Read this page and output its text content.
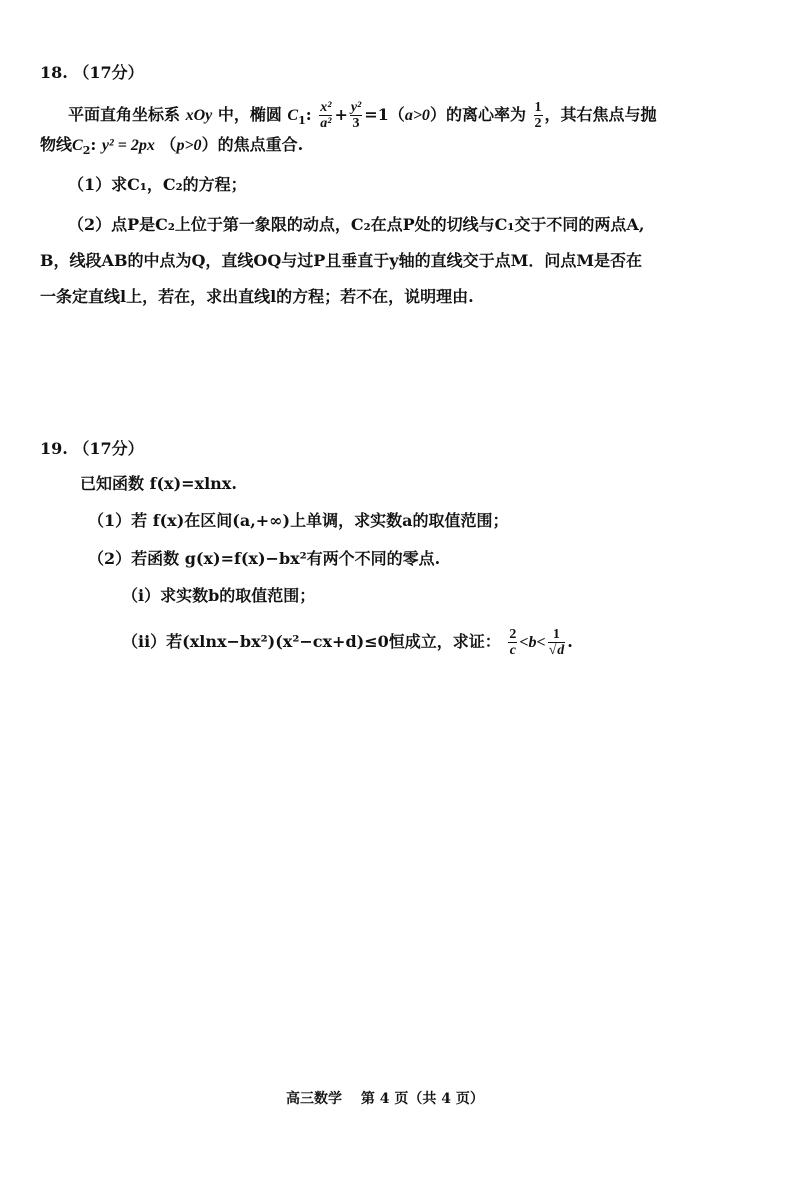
18. （17分）
平面直角坐标系 xOy 中，椭圆 $C_1$: $\frac{\text{x²}}{\text{a²}} + \frac{\text{y²}}{3} =1(a>0)$的离心率为 $\frac{1}{2}$ ，其右焦点与抛
物线$C_2$: y² = 2px （p>0）的焦点重合.
（1）求C₁，C₂的方程；
（2）点P是C₂上位于第一象限的动点，C₂在点P处的切线与C₁交于不同的两点A,
B，线段AB的中点为Q，直线OQ与过P且垂直于y轴的直线交于点M．问点M是否在
一条定直线l上，若在，求出直线l的方程；若不在，说明理由.
19. （17分）
已知函数 f(x)=xlnx.
（1）若 f(x)在区间(a,+∞)上单调，求实数a的取值范围；
（2）若函数 g(x)=f(x)−bx²有两个不同的零点.
（i）求实数b的取值范围；
（ii）若(xlnx−bx²)(x²−cx+d)≤0恒成立，求证： $\frac{2}{c} <b< \frac{1}{√d}$ .
高三数学　 第 4 页（共 4 页）
